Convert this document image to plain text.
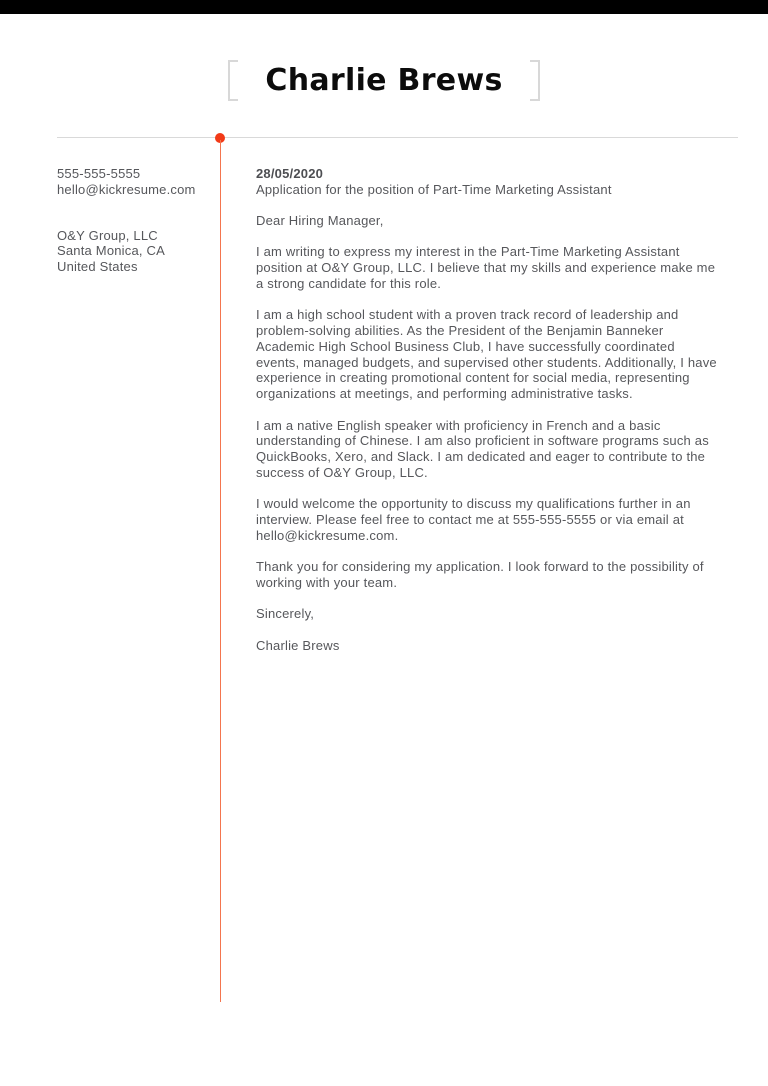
Charlie Brews
555-555-5555
hello@kickresume.com
O&Y Group, LLC
Santa Monica, CA
United States
28/05/2020
Application for the position of Part-Time Marketing Assistant

Dear Hiring Manager,

I am writing to express my interest in the Part-Time Marketing Assistant position at O&Y Group, LLC. I believe that my skills and experience make me a strong candidate for this role.

I am a high school student with a proven track record of leadership and problem-solving abilities. As the President of the Benjamin Banneker Academic High School Business Club, I have successfully coordinated events, managed budgets, and supervised other students. Additionally, I have experience in creating promotional content for social media, representing organizations at meetings, and performing administrative tasks.

I am a native English speaker with proficiency in French and a basic understanding of Chinese. I am also proficient in software programs such as QuickBooks, Xero, and Slack. I am dedicated and eager to contribute to the success of O&Y Group, LLC.

I would welcome the opportunity to discuss my qualifications further in an interview. Please feel free to contact me at 555-555-5555 or via email at hello@kickresume.com.

Thank you for considering my application. I look forward to the possibility of working with your team.

Sincerely,

Charlie Brews
